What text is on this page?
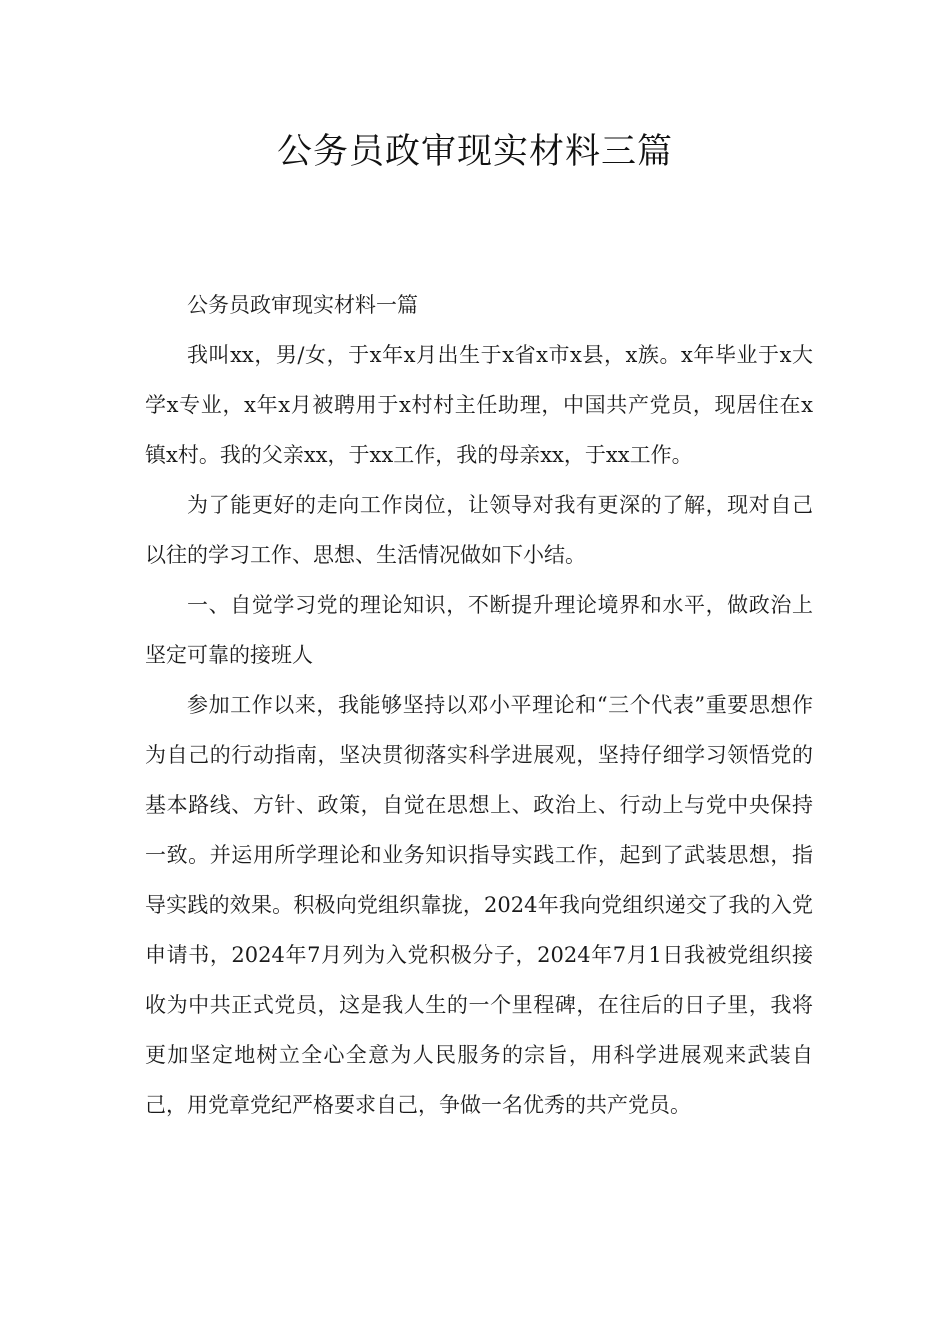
公务员政审现实材料三篇

公务员政审现实材料一篇

我叫xx，男/女，于x年x月出生于x省x市x县，x族。x年毕业于x大学x专业，x年x月被聘用于x村村主任助理，中国共产党员，现居住在x镇x村。我的父亲xx，于xx工作，我的母亲xx，于xx工作。

为了能更好的走向工作岗位，让领导对我有更深的了解，现对自己以往的学习工作、思想、生活情况做如下小结。

一、自觉学习党的理论知识，不断提升理论境界和水平，做政治上坚定可靠的接班人

参加工作以来，我能够坚持以邓小平理论和“三个代表”重要思想作为自己的行动指南，坚决贯彻落实科学进展观，坚持仔细学习领悟党的基本路线、方针、政策，自觉在思想上、政治上、行动上与党中央保持一致。并运用所学理论和业务知识指导实践工作，起到了武装思想，指导实践的效果。积极向党组织靠拢，2024年我向党组织递交了我的入党申请书，2024年7月列为入党积极分子，2024年7月1日我被党组织接收为中共正式党员，这是我人生的一个里程碑，在往后的日子里，我将更加坚定地树立全心全意为人民服务的宗旨，用科学进展观来武装自己，用党章党纪严格要求自己，争做一名优秀的共产党员。
